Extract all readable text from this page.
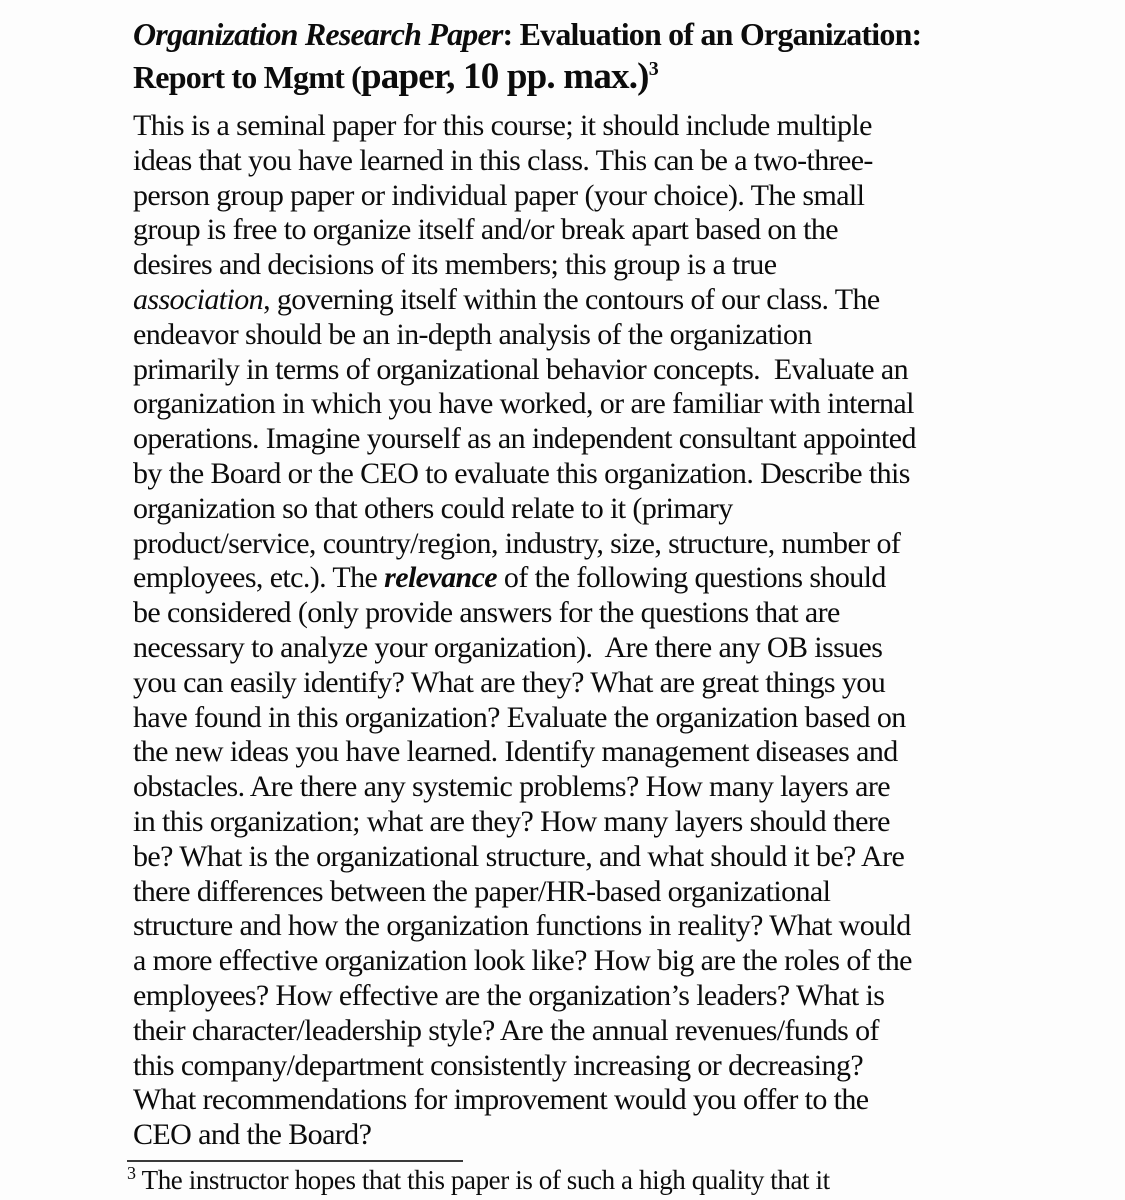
Organization Research Paper: Evaluation of an Organization:
Report to Mgmt (paper, 10 pp. max.)$^3$
This is a seminal paper for this course; it should include multiple
ideas that you have learned in this class. This can be a two-three-
person group paper or individual paper (your choice). The small
group is free to organize itself and/or break apart based on the
desires and decisions of its members; this group is a true
association, governing itself within the contours of our class. The
endeavor should be an in-depth analysis of the organization
primarily in terms of organizational behavior concepts.  Evaluate an
organization in which you have worked, or are familiar with internal
operations. Imagine yourself as an independent consultant appointed
by the Board or the CEO to evaluate this organization. Describe this
organization so that others could relate to it (primary
product/service, country/region, industry, size, structure, number of
employees, etc.). The relevance of the following questions should
be considered (only provide answers for the questions that are
necessary to analyze your organization).  Are there any OB issues
you can easily identify? What are they? What are great things you
have found in this organization? Evaluate the organization based on
the new ideas you have learned. Identify management diseases and
obstacles. Are there any systemic problems? How many layers are
in this organization; what are they? How many layers should there
be? What is the organizational structure, and what should it be? Are
there differences between the paper/HR-based organizational
structure and how the organization functions in reality? What would
a more effective organization look like? How big are the roles of the
employees? How effective are the organization’s leaders? What is
their character/leadership style? Are the annual revenues/funds of
this company/department consistently increasing or decreasing?
What recommendations for improvement would you offer to the
CEO and the Board?
$^3$ The instructor hopes that this paper is of such a high quality that it
